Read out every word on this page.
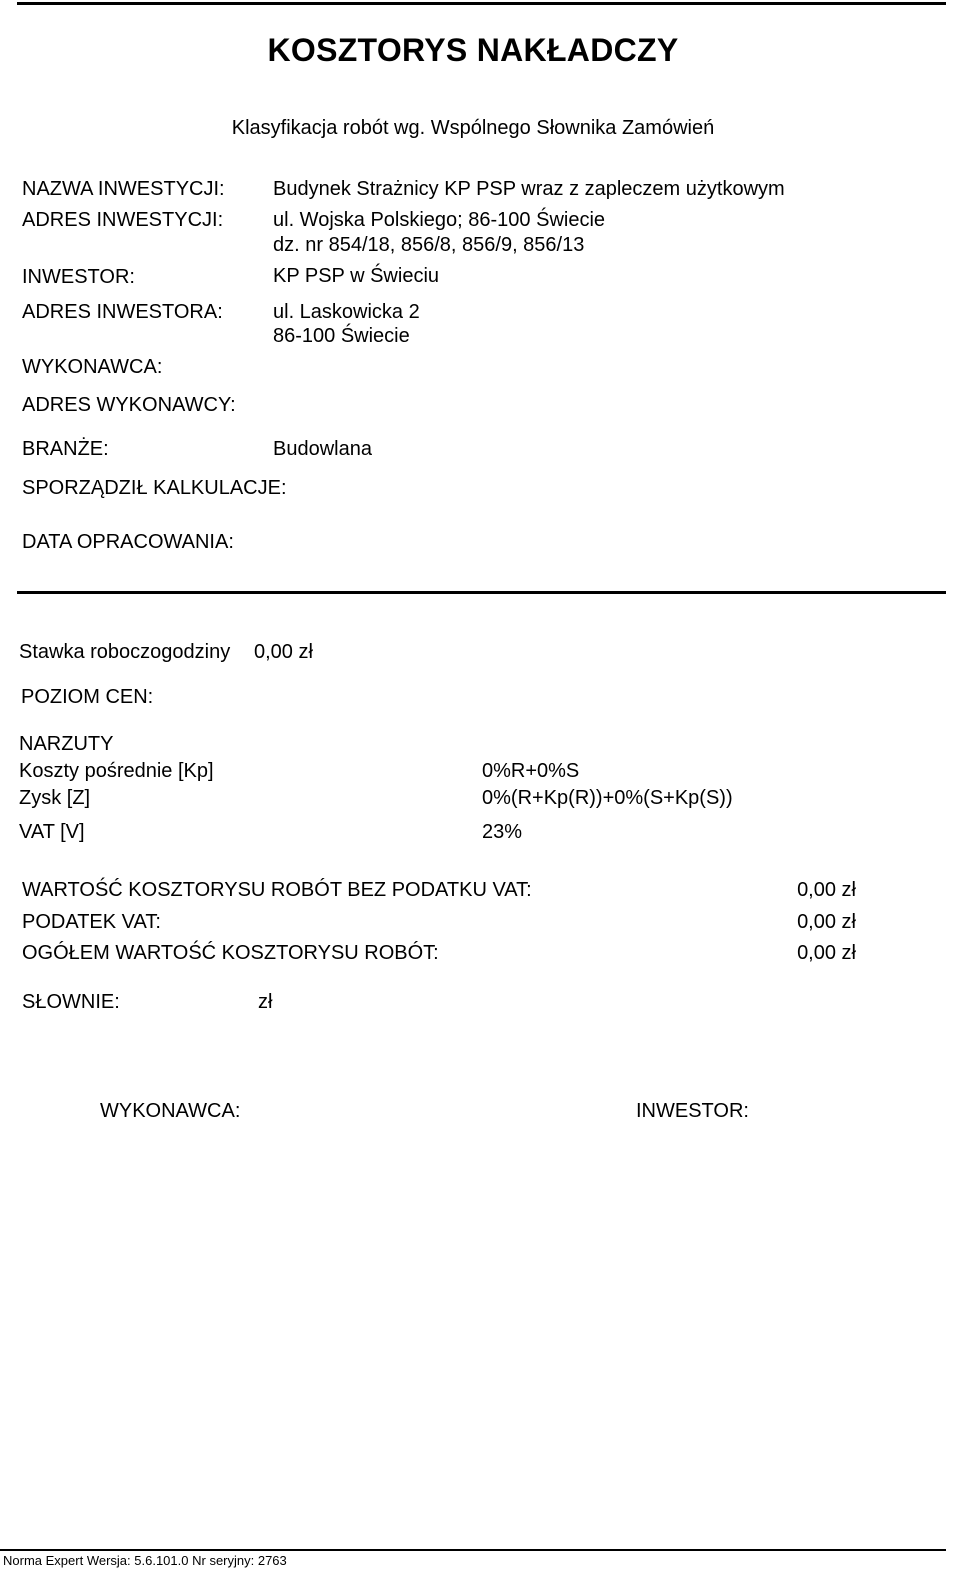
KOSZTORYS NAKŁADCZY
Klasyfikacja robót wg. Wspólnego Słownika Zamówień
NAZWA INWESTYCJI: Budynek Strażnicy KP PSP wraz z zapleczem użytkowym
ADRES INWESTYCJI: ul. Wojska Polskiego; 86-100 Świecie
dz. nr 854/18, 856/8, 856/9, 856/13
INWESTOR:	KP PSP w Świeciu
ADRES INWESTORA:	ul. Laskowicka 2
86-100 Świecie
WYKONAWCA:
ADRES WYKONAWCY:
BRANŻE:	Budowlana
SPORZĄDZIŁ KALKULACJE:
DATA OPRACOWANIA:
Stawka roboczogodziny 0,00 zł
POZIOM CEN:
NARZUTY
Koszty pośrednie [Kp]	0%R+0%S
Zysk [Z]	0%(R+Kp(R))+0%(S+Kp(S))
VAT [V]	23%
WARTOŚĆ KOSZTORYSU ROBÓT BEZ PODATKU VAT:	0,00 zł
PODATEK VAT:	0,00 zł
OGÓŁEM WARTOŚĆ KOSZTORYSU ROBÓT:	0,00 zł
SŁOWNIE:	zł
WYKONAWCA:	INWESTOR:
Norma Expert Wersja: 5.6.101.0 Nr seryjny: 2763
